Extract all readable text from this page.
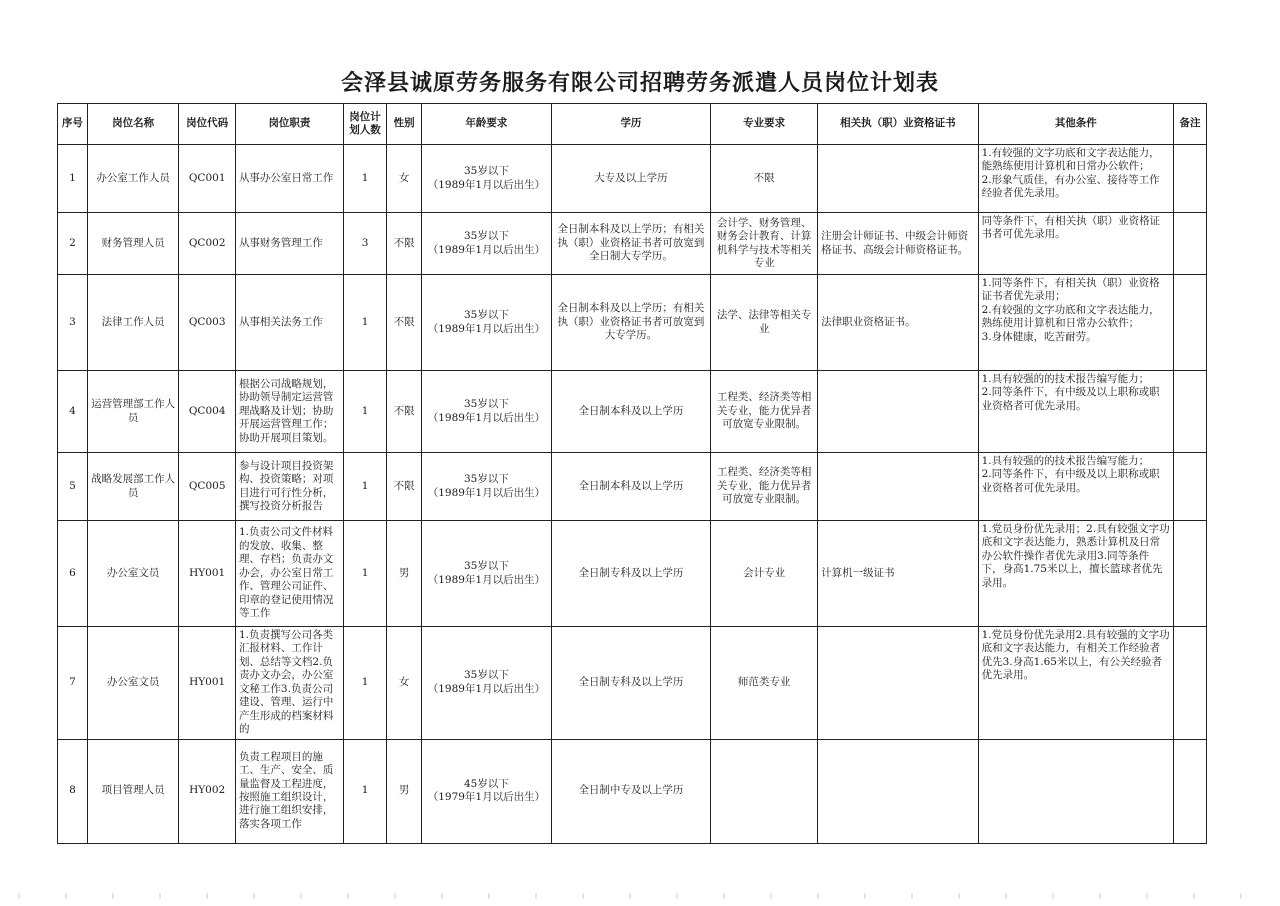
会泽县诚原劳务服务有限公司招聘劳务派遣人员岗位计划表
序号	岗位名称	岗位代码	岗位职责	岗位计划人数	性别	年龄要求	学历	专业要求	相关执（职）业资格证书	其他条件	备注
1	办公室工作人员	QC001	从事办公室日常工作	1	女	35岁以下
（1989年1月以后出生）	大专及以上学历	不限		1.有较强的文字功底和文字表达能力，能熟练使用计算机和日常办公软件；
2.形象气质佳，有办公室、接待等工作经验者优先录用。	
2	财务管理人员	QC002	从事财务管理工作	3	不限	35岁以下
（1989年1月以后出生）	全日制本科及以上学历；有相关执（职）业资格证书者可放宽到全日制大专学历。	会计学、财务管理、财务会计教育、计算机科学与技术等相关专业	注册会计师证书、中级会计师资格证书、高级会计师资格证书。	同等条件下，有相关执（职）业资格证书者可优先录用。	
3	法律工作人员	QC003	从事相关法务工作	1	不限	35岁以下
（1989年1月以后出生）	全日制本科及以上学历；有相关执（职）业资格证书者可放宽到大专学历。	法学、法律等相关专业	法律职业资格证书。	1.同等条件下，有相关执（职）业资格证书者优先录用；
2.有较强的文字功底和文字表达能力，熟练使用计算机和日常办公软件；
3.身体健康，吃苦耐劳。	
4	运营管理部工作人员	QC004	根据公司战略规划，协助领导制定运营管理战略及计划；协助开展运营管理工作；协助开展项目策划。	1	不限	35岁以下
（1989年1月以后出生）	全日制本科及以上学历	工程类、经济类等相关专业，能力优异者可放宽专业限制。		1.具有较强的的技术报告编写能力；
2.同等条件下，有中级及以上职称或职业资格者可优先录用。	
5	战略发展部工作人员	QC005	参与设计项目投资架构、投资策略；对项目进行可行性分析，撰写投资分析报告	1	不限	35岁以下
（1989年1月以后出生）	全日制本科及以上学历	工程类、经济类等相关专业，能力优异者可放宽专业限制。		1.具有较强的的技术报告编写能力；
2.同等条件下，有中级及以上职称或职业资格者可优先录用。	
6	办公室文员	HY001	1.负责公司文件材料的发放、收集、整理、存档；负责办文办会，办公室日常工作、管理公司证件、印章的登记使用情况等工作	1	男	35岁以下
（1989年1月以后出生）	全日制专科及以上学历	会计专业	计算机一级证书	1.党员身份优先录用；2.具有较强文字功底和文字表达能力，熟悉计算机及日常办公软件操作者优先录用3.同等条件下，身高1.75米以上，擅长篮球者优先录用。	
7	办公室文员	HY001	1.负责撰写公司各类汇报材料、工作计划、总结等文档2.负责办文办会，办公室文秘工作3.负责公司建设、管理、运行中产生形成的档案材料的	1	女	35岁以下
（1989年1月以后出生）	全日制专科及以上学历	师范类专业		1.党员身份优先录用2.具有较强的文字功底和文字表达能力，有相关工作经验者优先3.身高1.65米以上，有公关经验者优先录用。	
8	项目管理人员	HY002	负责工程项目的施工、生产、安全、质量监督及工程进度，按照施工组织设计，进行施工组织安排，落实各项工作	1	男	45岁以下
（1979年1月以后出生）	全日制中专及以上学历				
